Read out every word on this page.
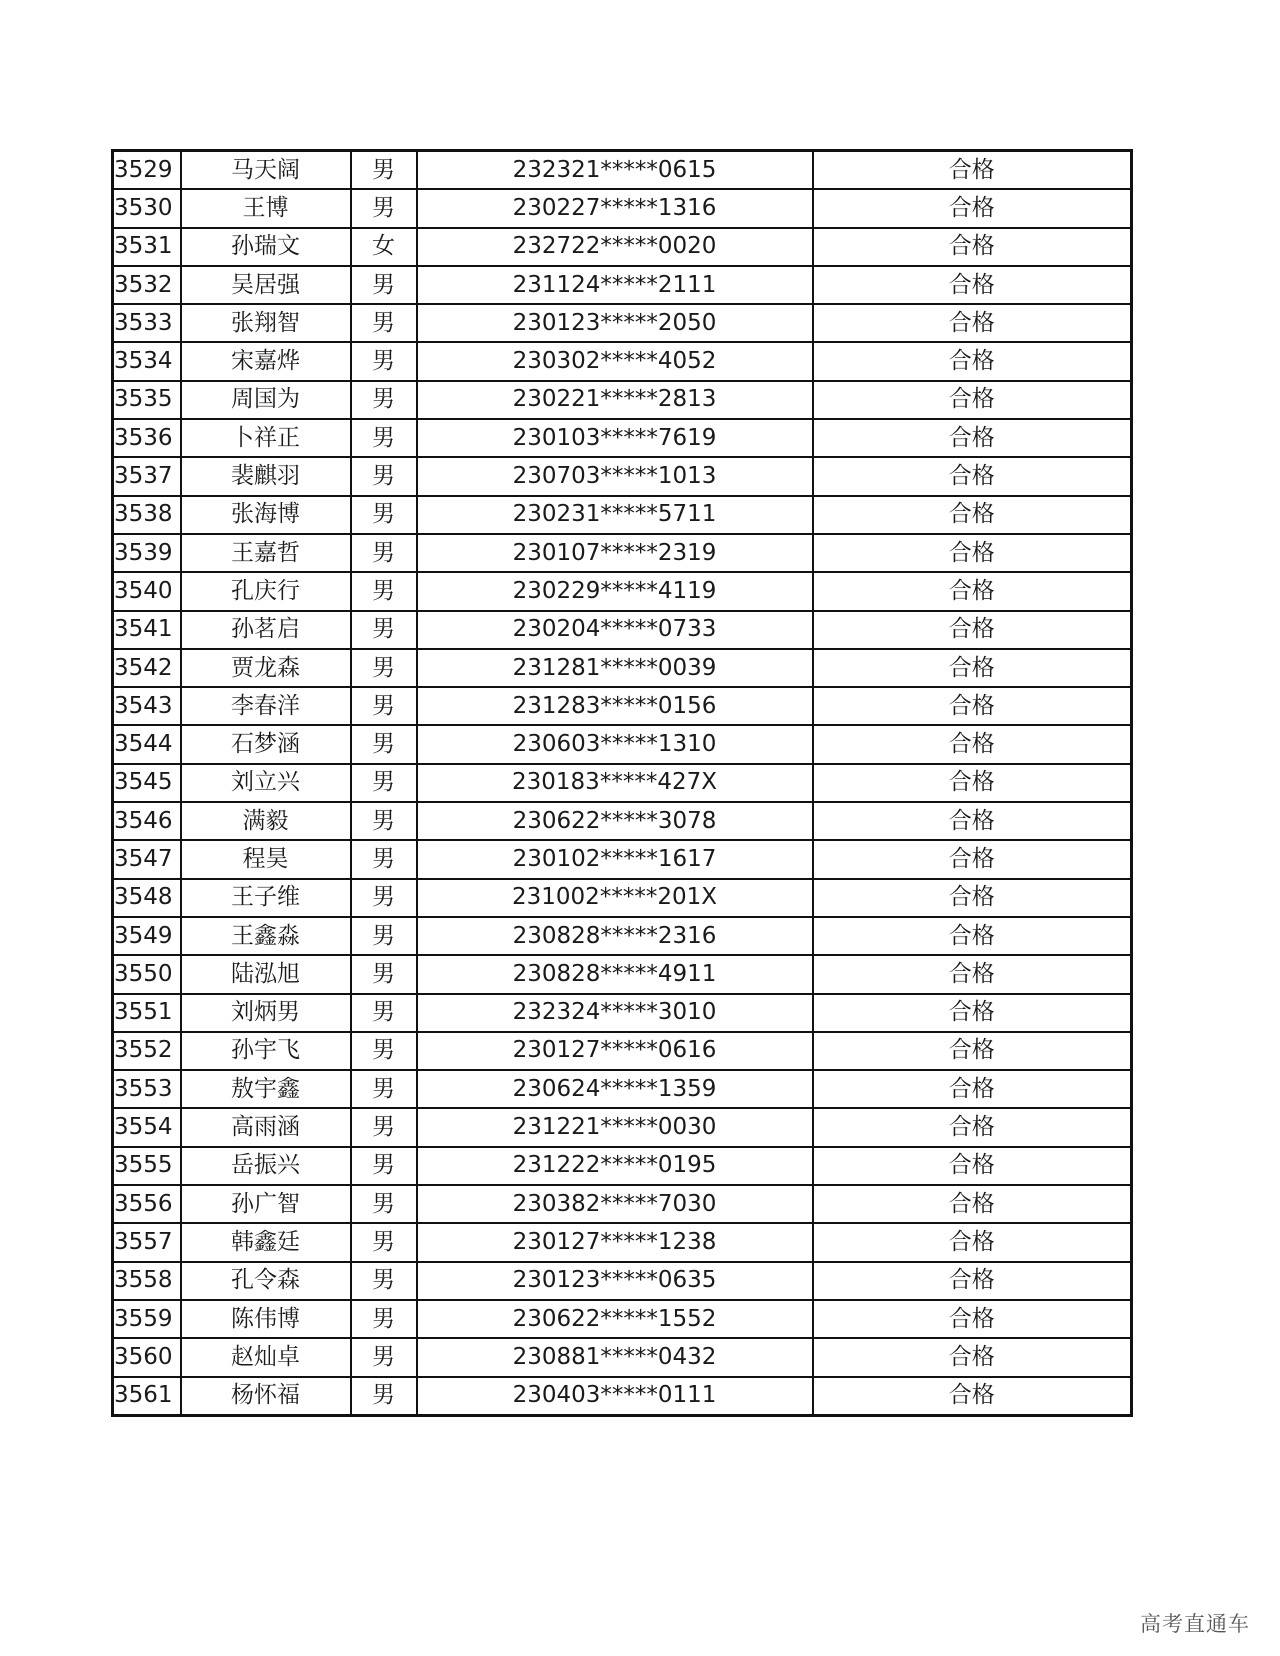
3529	马天阔	男	232321*****0615	合格
3530	王博	男	230227*****1316	合格
3531	孙瑞文	女	232722*****0020	合格
3532	吴居强	男	231124*****2111	合格
3533	张翔智	男	230123*****2050	合格
3534	宋嘉烨	男	230302*****4052	合格
3535	周国为	男	230221*****2813	合格
3536	卜祥正	男	230103*****7619	合格
3537	裴麒羽	男	230703*****1013	合格
3538	张海博	男	230231*****5711	合格
3539	王嘉哲	男	230107*****2319	合格
3540	孔庆行	男	230229*****4119	合格
3541	孙茗启	男	230204*****0733	合格
3542	贾龙森	男	231281*****0039	合格
3543	李春洋	男	231283*****0156	合格
3544	石梦涵	男	230603*****1310	合格
3545	刘立兴	男	230183*****427X	合格
3546	满毅	男	230622*****3078	合格
3547	程昊	男	230102*****1617	合格
3548	王子维	男	231002*****201X	合格
3549	王鑫淼	男	230828*****2316	合格
3550	陆泓旭	男	230828*****4911	合格
3551	刘炳男	男	232324*****3010	合格
3552	孙宇飞	男	230127*****0616	合格
3553	敖宇鑫	男	230624*****1359	合格
3554	高雨涵	男	231221*****0030	合格
3555	岳振兴	男	231222*****0195	合格
3556	孙广智	男	230382*****7030	合格
3557	韩鑫廷	男	230127*****1238	合格
3558	孔令森	男	230123*****0635	合格
3559	陈伟博	男	230622*****1552	合格
3560	赵灿卓	男	230881*****0432	合格
3561	杨怀福	男	230403*****0111	合格
高考直通车
